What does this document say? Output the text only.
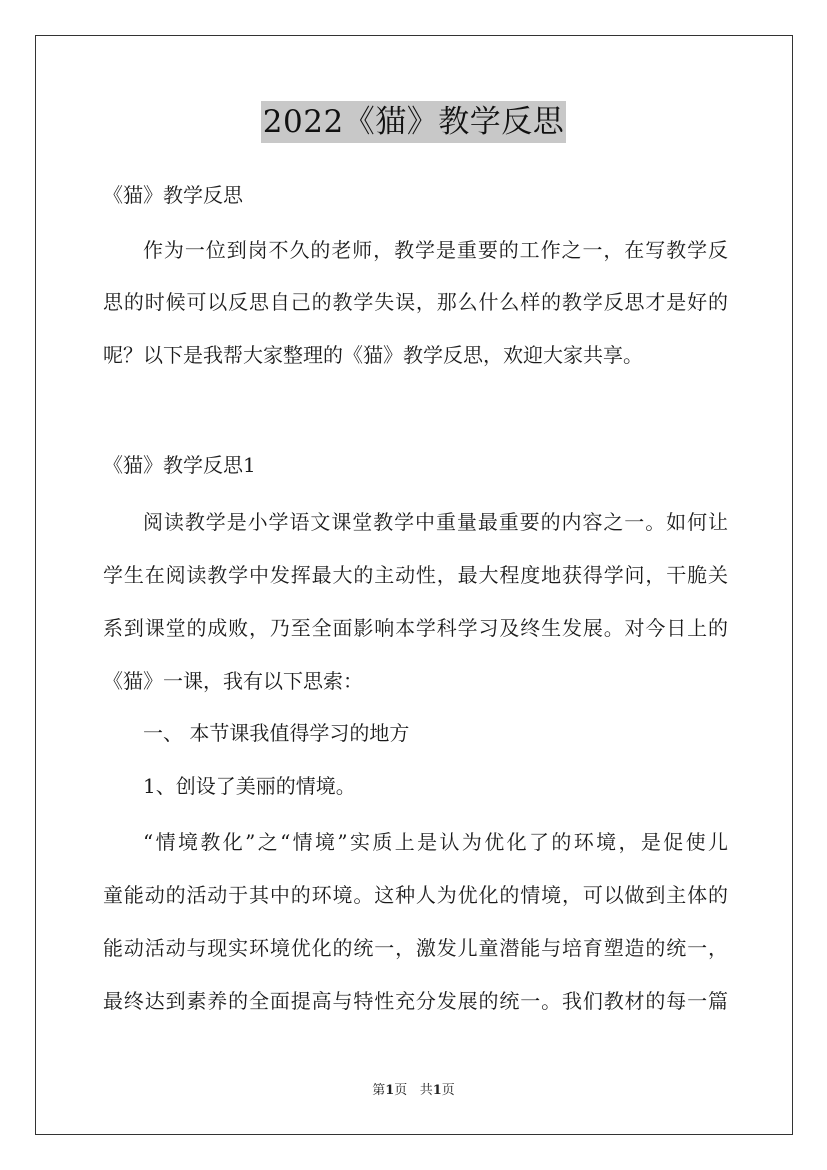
2022《猫》教学反思
《猫》教学反思
作为一位到岗不久的老师，教学是重要的工作之一，在写教学反
思的时候可以反思自己的教学失误，那么什么样的教学反思才是好的
呢？以下是我帮大家整理的《猫》教学反思，欢迎大家共享。
《猫》教学反思1
阅读教学是小学语文课堂教学中重量最重要的内容之一。如何让
学生在阅读教学中发挥最大的主动性，最大程度地获得学问，干脆关
系到课堂的成败，乃至全面影响本学科学习及终生发展。对今日上的
《猫》一课，我有以下思索：
一、 本节课我值得学习的地方
1、创设了美丽的情境。
“情境教化”之“情境”实质上是认为优化了的环境，是促使儿
童能动的活动于其中的环境。这种人为优化的情境，可以做到主体的
能动活动与现实环境优化的统一，激发儿童潜能与培育塑造的统一，
最终达到素养的全面提高与特性充分发展的统一。我们教材的每一篇
第1页 共1页
